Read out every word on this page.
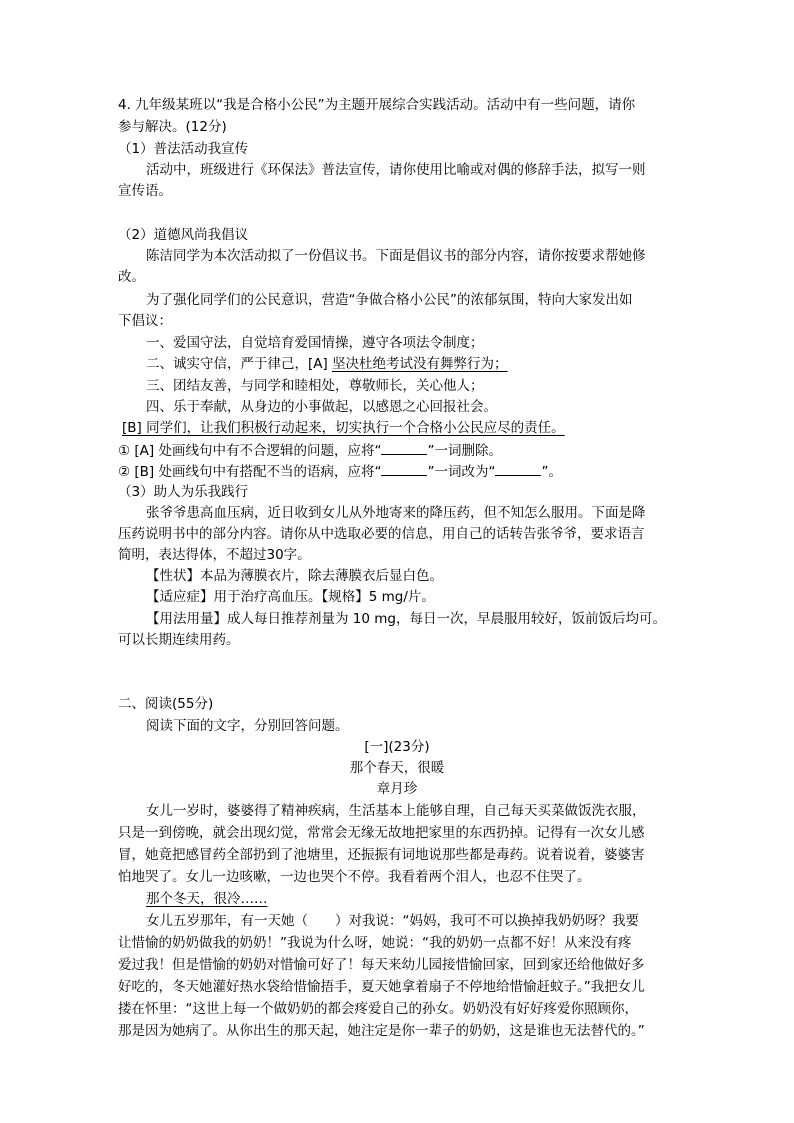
4. 九年级某班以“我是合格小公民”为主题开展综合实践活动。活动中有一些问题，请你
参与解决。(12分)
（1）普法活动我宣传
活动中，班级进行《环保法》普法宣传，请你使用比喻或对偶的修辞手法，拟写一则
宣传语。
（2）道德风尚我倡议
陈洁同学为本次活动拟了一份倡议书。下面是倡议书的部分内容，请你按要求帮她修
改。
为了强化同学们的公民意识，营造“争做合格小公民”的浓郁氛围，特向大家发出如
下倡议：
一、爱国守法，自觉培育爱国情操，遵守各项法令制度；
二、诚实守信，严于律己，[A] 坚决杜绝考试没有舞弊行为；
三、团结友善，与同学和睦相处，尊敬师长，关心他人；
四、乐于奉献，从身边的小事做起，以感恩之心回报社会。
[B] 同学们，让我们积极行动起来，切实执行一个合格小公民应尽的责任。
① [A] 处画线句中有不合逻辑的问题，应将“	”一词删除。
② [B] 处画线句中有搭配不当的语病，应将“	”一词改为“	”。
（3）助人为乐我践行
张爷爷患高血压病，近日收到女儿从外地寄来的降压药，但不知怎么服用。下面是降
压药说明书中的部分内容。请你从中选取必要的信息，用自己的话转告张爷爷，要求语言
简明，表达得体，不超过30字。
【性状】本品为薄膜衣片，除去薄膜衣后显白色。
【适应症】用于治疗高血压。【规格】5 mg/片。
【用法用量】成人每日推荐剂量为 10 mg，每日一次，早晨服用较好，饭前饭后均可。
可以长期连续用药。
二、阅读(55分)
阅读下面的文字，分别回答问题。
[一](23分)
那个春天，很暖
章月珍
女儿一岁时，婆婆得了精神疾病，生活基本上能够自理，自己每天买菜做饭洗衣服，
只是一到傍晚，就会出现幻觉，常常会无缘无故地把家里的东西扔掉。记得有一次女儿感
冒，她竟把感冒药全部扔到了池塘里，还振振有词地说那些都是毒药。说着说着，婆婆害
怕地哭了。女儿一边咳嗽，一边也哭个不停。我看着两个泪人，也忍不住哭了。
那个冬天，很冷……
女儿五岁那年，有一天她（　　）对我说：“妈妈，我可不可以换掉我奶奶呀？我要
让惜愉的奶奶做我的奶奶！”我说为什么呀，她说：“我的奶奶一点都不好！从来没有疼
爱过我！但是惜愉的奶奶对惜愉可好了！每天来幼儿园接惜愉回家，回到家还给他做好多
好吃的，冬天她灌好热水袋给惜愉捂手，夏天她拿着扇子不停地给惜愉赶蚊子。”我把女儿
搂在怀里：“这世上每一个做奶奶的都会疼爱自己的孙女。奶奶没有好好疼爱你照顾你，
那是因为她病了。从你出生的那天起，她注定是你一辈子的奶奶，这是谁也无法替代的。”
